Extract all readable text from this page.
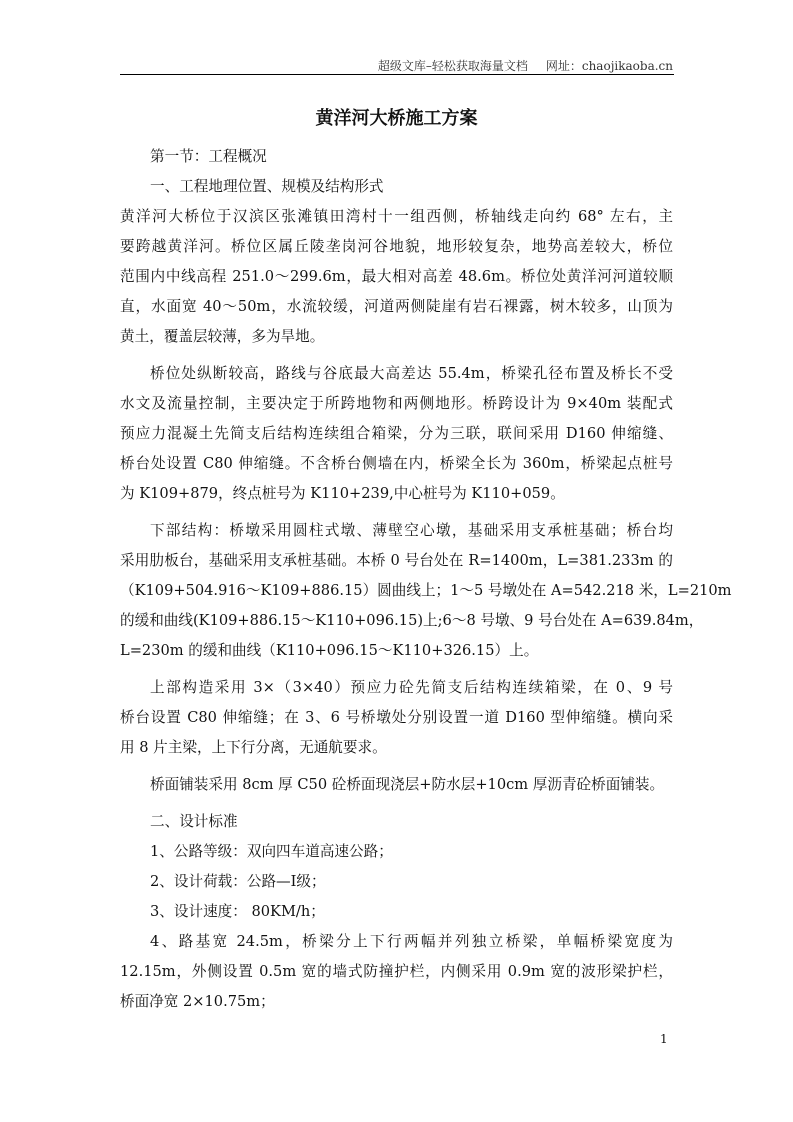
超级文库–轻松获取海量文档 网址：chaojikaoba.cn
黄洋河大桥施工方案
第一节：工程概况
一、工程地理位置、规模及结构形式
黄洋河大桥位于汉滨区张滩镇田湾村十一组西侧，桥轴线走向约 68° 左右，主
要跨越黄洋河。桥位区属丘陵垄岗河谷地貌，地形较复杂，地势高差较大，桥位
范围内中线高程 251.0～299.6m，最大相对高差 48.6m。桥位处黄洋河河道较顺
直，水面宽 40～50m，水流较缓，河道两侧陡崖有岩石裸露，树木较多，山顶为
黄土，覆盖层较薄，多为旱地。
桥位处纵断较高，路线与谷底最大高差达 55.4m，桥梁孔径布置及桥长不受
水文及流量控制，主要决定于所跨地物和两侧地形。桥跨设计为 9×40m 装配式
预应力混凝土先简支后结构连续组合箱梁，分为三联，联间采用 D160 伸缩缝、
桥台处设置 C80 伸缩缝。不含桥台侧墙在内，桥梁全长为 360m，桥梁起点桩号
为 K109+879，终点桩号为 K110+239,中心桩号为 K110+059。
下部结构：桥墩采用圆柱式墩、薄壁空心墩，基础采用支承桩基础；桥台均
采用肋板台，基础采用支承桩基础。本桥 0 号台处在 R=1400m，L=381.233m 的
（K109+504.916～K109+886.15）圆曲线上；1～5 号墩处在 A=542.218 米，L=210m
的缓和曲线(K109+886.15～K110+096.15)上;6～8 号墩、9 号台处在 A=639.84m，
L=230m 的缓和曲线（K110+096.15～K110+326.15）上。
上部构造采用 3×（3×40）预应力砼先简支后结构连续箱梁，在 0、9 号
桥台设置 C80 伸缩缝；在 3、6 号桥墩处分别设置一道 D160 型伸缩缝。横向采
用 8 片主梁，上下行分离，无通航要求。
桥面铺装采用 8cm 厚 C50 砼桥面现浇层+防水层+10cm 厚沥青砼桥面铺装。
二、设计标准
1、公路等级：双向四车道高速公路；
2、设计荷载：公路—Ⅰ级；
3、设计速度： 80KM/h；
4、路基宽 24.5m，桥梁分上下行两幅并列独立桥梁，单幅桥梁宽度为
12.15m，外侧设置 0.5m 宽的墙式防撞护栏，内侧采用 0.9m 宽的波形梁护栏，
桥面净宽 2×10.75m；
1
